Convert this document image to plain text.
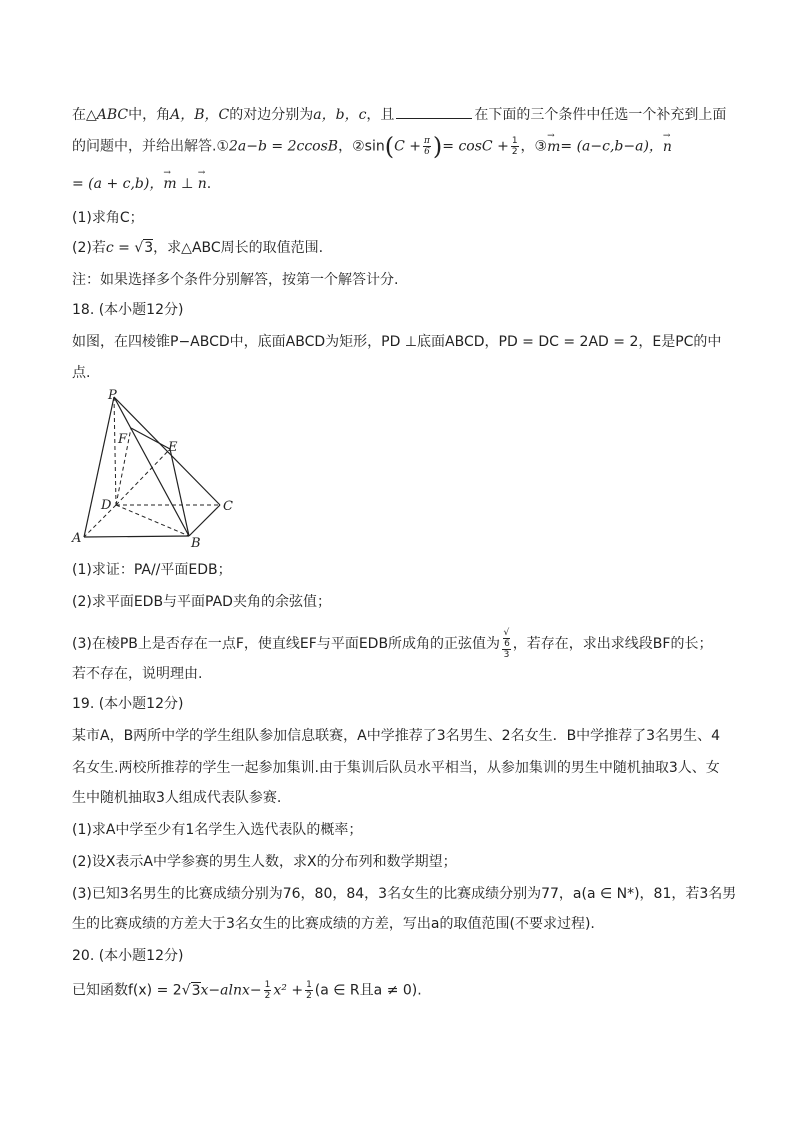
在△ABC中，角A，B，C的对边分别为a，b，c，且	在下面的三个条件中任选一个补充到上面
的问题中，并给出解答.①2a−b = 2ccosB，②sin(C + $\frac{\pi}{6}$ )= $\cos C + \frac{1}{2}$ ，③→ m= (a−c,b−a)，→ n
= (a + c,b)，→ m ⊥ → n.
(1)求角C；
(2)若c = √3，求△ABC周长的取值范围.
注：如果选择多个条件分别解答，按第一个解答计分.
18. (本小题12分)
如图，在四棱锥P−ABCD中，底面ABCD为矩形，PD ⊥底面ABCD，PD = DC = 2AD = 2，E是PC的中
点.
P
F
E
D	C
A	B
(1)求证：PA//平面EDB；
(2)求平面EDB与平面PAD夹角的余弦值；
(3)在棱PB上是否存在一点F，使直线EF与平面EDB所成角的正弦值为 √
6
3 ，若存在，求出求线段BF的长；
若不存在，说明理由.
19. (本小题12分)
某市A，B两所中学的学生组队参加信息联赛，A中学推荐了3名男生、2名女生．B中学推荐了3名男生、4
名女生.两校所推荐的学生一起参加集训.由于集训后队员水平相当，从参加集训的男生中随机抽取3人、女
生中随机抽取3人组成代表队参赛.
(1)求A中学至少有1名学生入选代表队的概率；
(2)设X表示A中学参赛的男生人数，求X的分布列和数学期望；
(3)已知3名男生的比赛成绩分别为76，80，84，3名女生的比赛成绩分别为77，a(a ∈ N*)，81，若3名男
生的比赛成绩的方差大于3名女生的比赛成绩的方差，写出a的取值范围(不要求过程).
20. (本小题12分)
已知函数$f(x) = 2√3x-alnx- \frac{1}{2} x^2 + \frac{1}{2} (a$ ∈ R且a ≠ 0).
